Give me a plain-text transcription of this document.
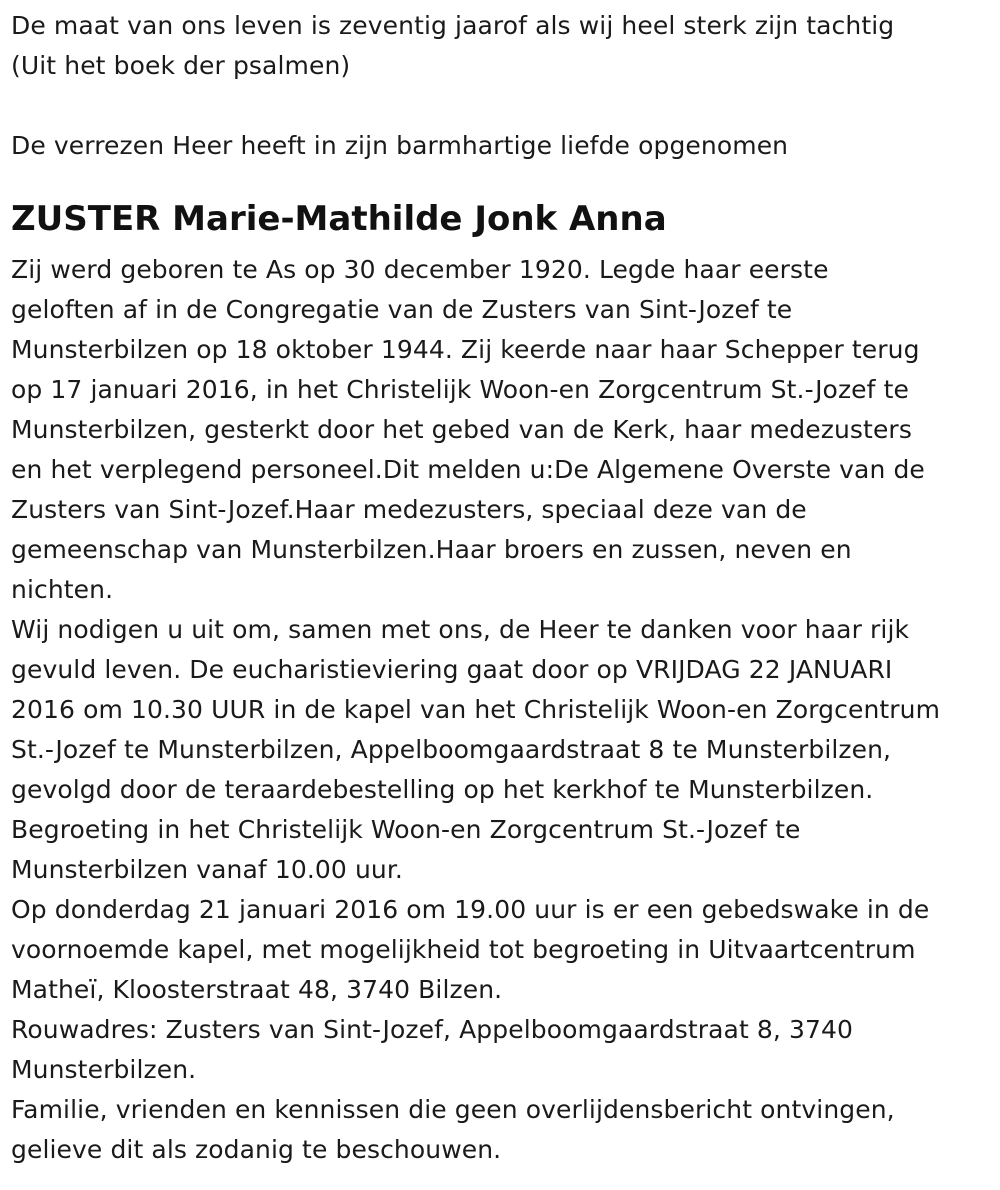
De maat van ons leven is zeventig jaarof als wij heel sterk zijn tachtig
(Uit het boek der psalmen)
De verrezen Heer heeft in zijn barmhartige liefde opgenomen
ZUSTER Marie-Mathilde Jonk Anna
Zij werd geboren te As op 30 december 1920. Legde haar eerste
geloften af in de Congregatie van de Zusters van Sint-Jozef te
Munsterbilzen op 18 oktober 1944. Zij keerde naar haar Schepper terug
op 17 januari 2016, in het Christelijk Woon-en Zorgcentrum St.-Jozef te
Munsterbilzen, gesterkt door het gebed van de Kerk, haar medezusters
en het verplegend personeel.Dit melden u:De Algemene Overste van de
Zusters van Sint-Jozef.Haar medezusters, speciaal deze van de
gemeenschap van Munsterbilzen.Haar broers en zussen, neven en
nichten.
Wij nodigen u uit om, samen met ons, de Heer te danken voor haar rijk
gevuld leven. De eucharistieviering gaat door op VRIJDAG 22 JANUARI
2016 om 10.30 UUR in de kapel van het Christelijk Woon-en Zorgcentrum
St.-Jozef te Munsterbilzen, Appelboomgaardstraat 8 te Munsterbilzen,
gevolgd door de teraardebestelling op het kerkhof te Munsterbilzen.
Begroeting in het Christelijk Woon-en Zorgcentrum St.-Jozef te
Munsterbilzen vanaf 10.00 uur.
Op donderdag 21 januari 2016 om 19.00 uur is er een gebedswake in de
voornoemde kapel, met mogelijkheid tot begroeting in Uitvaartcentrum
Matheï, Kloosterstraat 48, 3740 Bilzen.
Rouwadres: Zusters van Sint-Jozef, Appelboomgaardstraat 8, 3740
Munsterbilzen.
Familie, vrienden en kennissen die geen overlijdensbericht ontvingen,
gelieve dit als zodanig te beschouwen.
